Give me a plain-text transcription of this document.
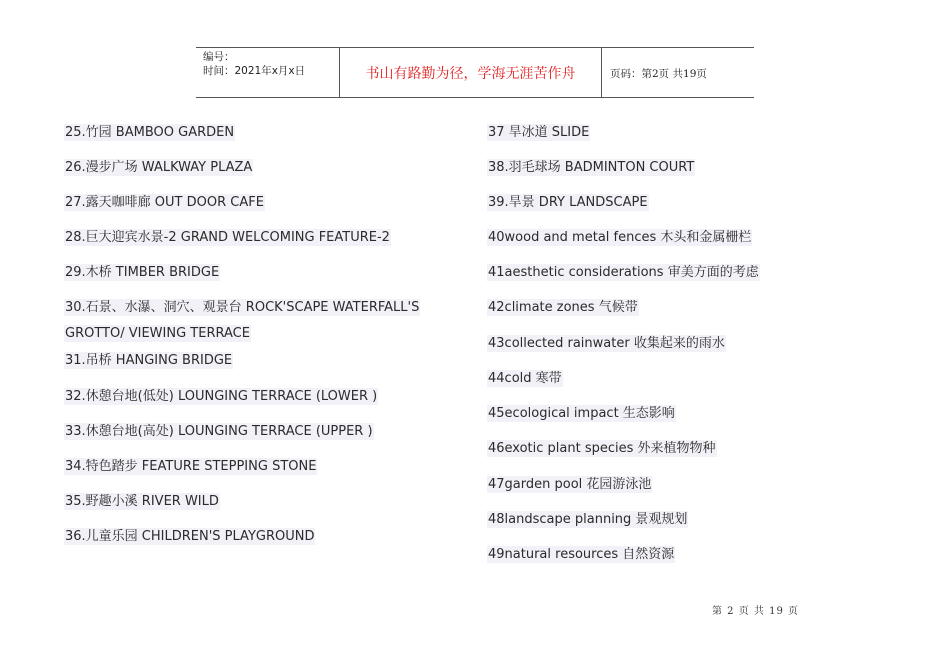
编号：
时间：2021年x月x日	书山有路勤为径，学海无涯苦作舟	页码：第2页 共19页
25.竹园 BAMBOO GARDEN
26.漫步广场 WALKWAY PLAZA
27.露天咖啡廊 OUT DOOR CAFE
28.巨大迎宾水景-2 GRAND WELCOMING FEATURE-2
29.木桥 TIMBER BRIDGE
30.石景、水瀑、洞穴、观景台 ROCK'SCAPE WATERFALL'S
GROTTO/ VIEWING TERRACE
31.吊桥 HANGING BRIDGE
32.休憩台地(低处) LOUNGING TERRACE (LOWER )
33.休憩台地(高处) LOUNGING TERRACE (UPPER )
34.特色踏步 FEATURE STEPPING STONE
35.野趣小溪 RIVER WILD
36.儿童乐园 CHILDREN'S PLAYGROUND
37 旱冰道 SLIDE
38.羽毛球场 BADMINTON COURT
39.旱景 DRY LANDSCAPE
40wood and metal fences 木头和金属栅栏
41aesthetic considerations 审美方面的考虑
42climate zones 气候带
43collected rainwater 收集起来的雨水
44cold 寒带
45ecological impact 生态影响
46exotic plant species 外来植物物种
47garden pool 花园游泳池
48landscape planning 景观规划
49natural resources 自然资源
第 2 页 共 19 页
